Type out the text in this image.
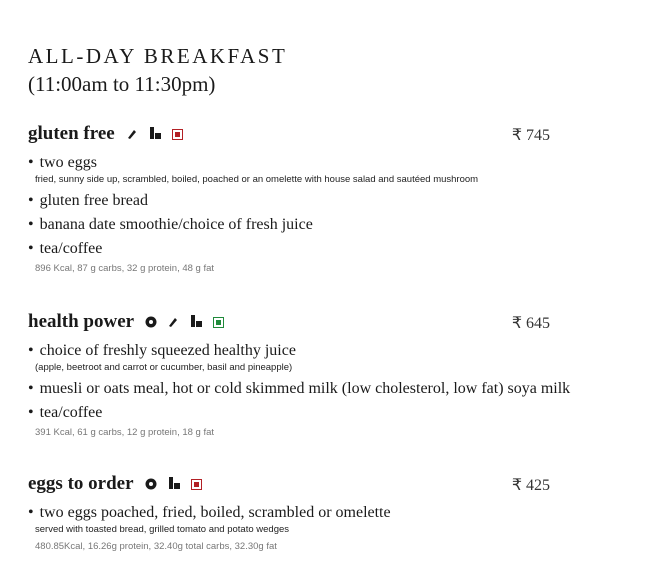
ALL-DAY BREAKFAST
(11:00am to 11:30pm)
gluten free	₹ 745
• two eggs
fried, sunny side up, scrambled, boiled, poached or an omelette with house salad and sautéed mushroom
• gluten free bread
• banana date smoothie/choice of fresh juice
• tea/coffee
896 Kcal, 87 g carbs, 32 g protein, 48 g fat
health power	₹ 645
• choice of freshly squeezed healthy juice
(apple, beetroot and carrot or cucumber, basil and pineapple)
• muesli or oats meal, hot or cold skimmed milk (low cholesterol, low fat) soya milk
• tea/coffee
391 Kcal, 61 g carbs, 12 g protein, 18 g fat
eggs to order	₹ 425
• two eggs poached, fried, boiled, scrambled or omelette
served with toasted bread, grilled tomato and potato wedges
480.85Kcal, 16.26g protein, 32.40g total carbs, 32.30g fat
